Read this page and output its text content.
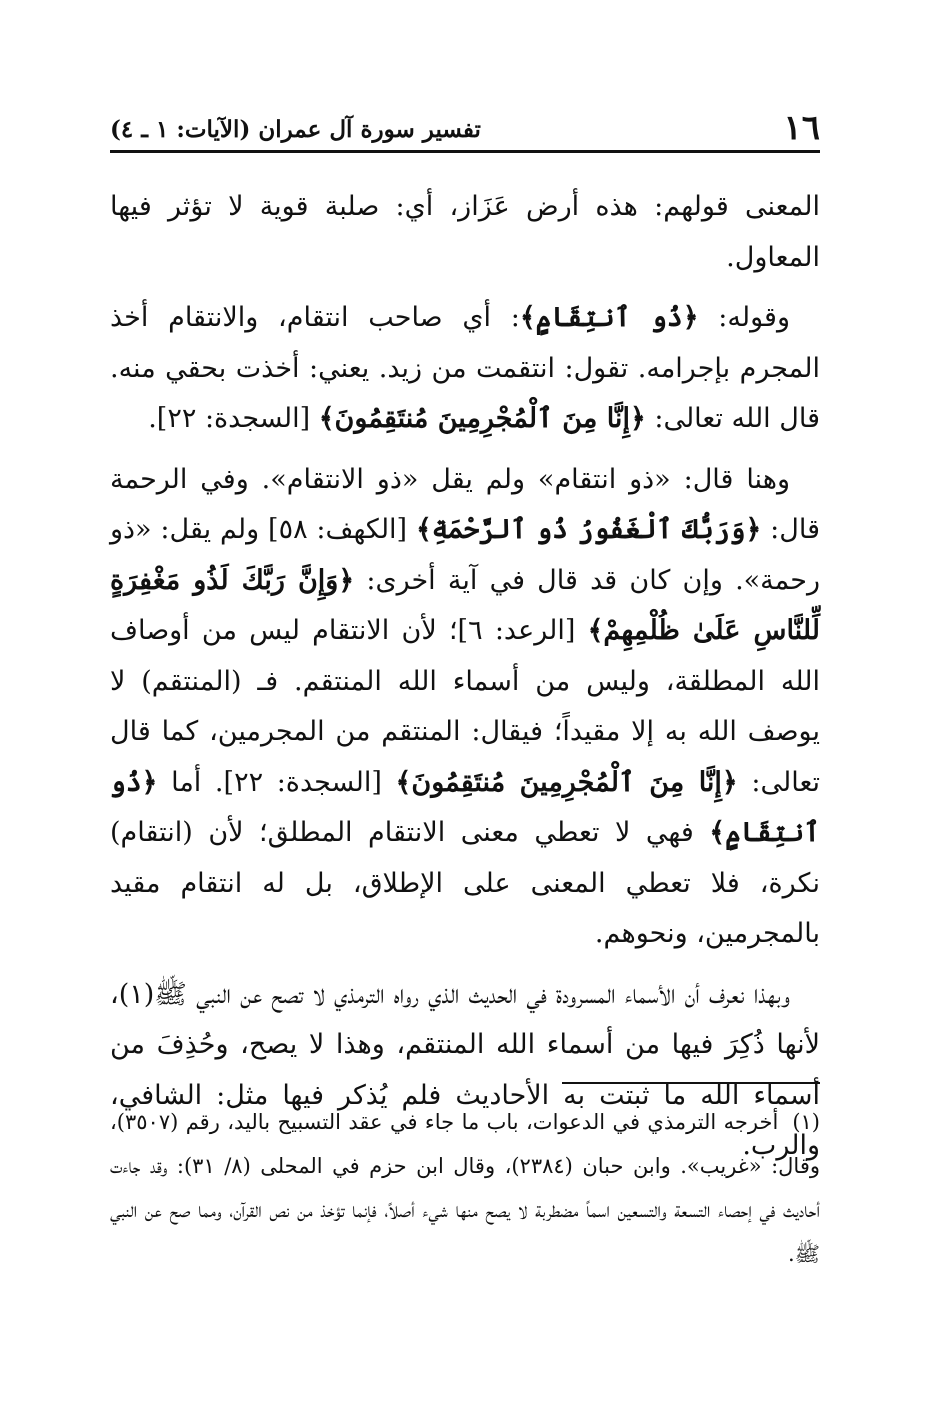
١٦
تفسير سورة آل عمران (الآيات: ١ ـ ٤)

المعنى قولهم: هذه أرض عَزَاز، أي: صلبة قوية لا تؤثر فيها المعاول.

وقوله: ﴿ذُو ٱنتِقَامٍ﴾: أي صاحب انتقام، والانتقام أخذ المجرم بإجرامه. تقول: انتقمت من زيد. يعني: أخذت بحقي منه. قال الله تعالى: ﴿إِنَّا مِنَ ٱلْمُجْرِمِينَ مُنتَقِمُونَ﴾ [السجدة: ٢٢].

وهنا قال: «ذو انتقام» ولم يقل «ذو الانتقام». وفي الرحمة قال: ﴿وَرَبُّكَ ٱلْغَفُورُ ذُو ٱلرَّحْمَةِ﴾ [الكهف: ٥٨] ولم يقل: «ذو رحمة». وإن كان قد قال في آية أخرى: ﴿وَإِنَّ رَبَّكَ لَذُو مَغْفِرَةٍ لِّلنَّاسِ عَلَىٰ ظُلْمِهِمْ﴾ [الرعد: ٦]؛ لأن الانتقام ليس من أوصاف الله المطلقة، وليس من أسماء الله المنتقم. فـ (المنتقم) لا يوصف الله به إلا مقيداً؛ فيقال: المنتقم من المجرمين، كما قال تعالى: ﴿إِنَّا مِنَ ٱلْمُجْرِمِينَ مُنتَقِمُونَ﴾ [السجدة: ٢٢]. أما ﴿ذُو ٱنتِقَامٍ﴾ فهي لا تعطي معنى الانتقام المطلق؛ لأن (انتقام) نكرة، فلا تعطي المعنى على الإطلاق، بل له انتقام مقيد بالمجرمين، ونحوهم.

وبهذا نعرف أن الأسماء المسرودة في الحديث الذي رواه الترمذي لا تصح عن النبي ﷺ(١)، لأنها ذُكِرَ فيها من أسماء الله المنتقم، وهذا لا يصح، وحُذِفَ من أسماء الله ما ثبتت به الأحاديث فلم يُذكر فيها مثل: الشافي، والرب.

(١)أخرجه الترمذي في الدعوات، باب ما جاء في عقد التسبيح باليد، رقم (٣٥٠٧)، وقال: «غريب». وابن حبان (٢٣٨٤)، وقال ابن حزم في المحلى (٨/ ٣١): وقد جاءت أحاديث في إحصاء التسعة والتسعين اسماً مضطربة لا يصح منها شيء أصلاً، فإنما تؤخذ من نص القرآن، ومما صح عن النبي ﷺ.
